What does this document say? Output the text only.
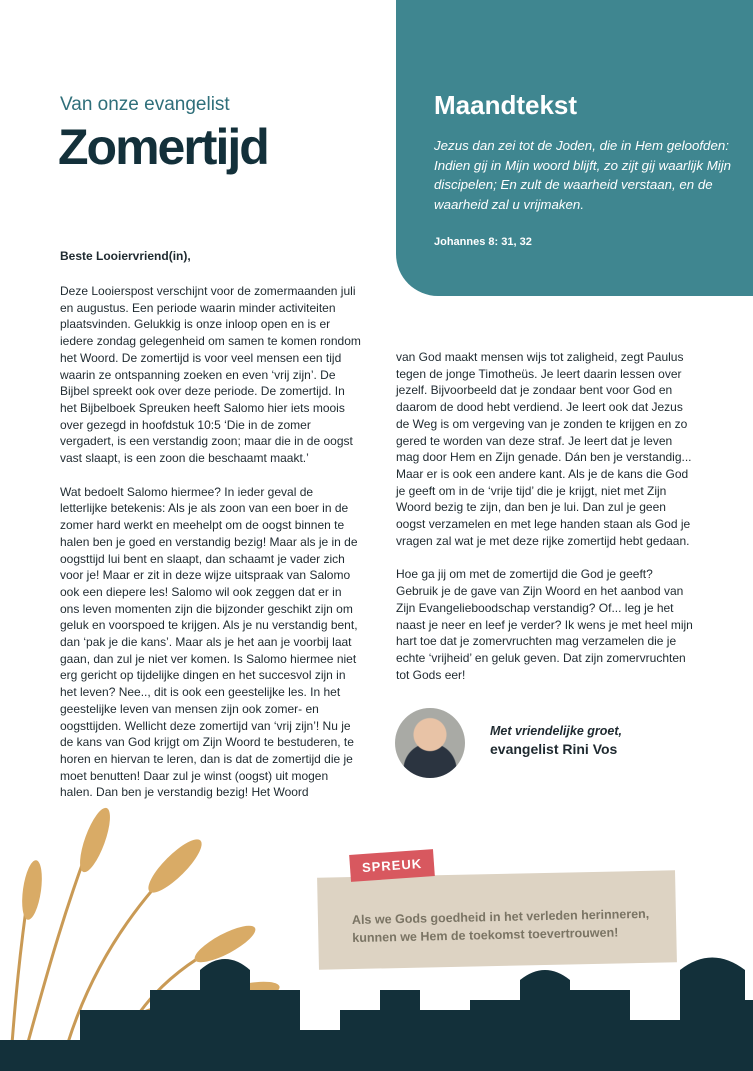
Van onze evangelist
Zomertijd
Maandtekst
Jezus dan zei tot de Joden, die in Hem geloofden: Indien gij in Mijn woord blijft, zo zijt gij waarlijk Mijn discipelen; En zult de waarheid verstaan, en de waarheid zal u vrijmaken.
Johannes 8: 31, 32
Beste Looiervriend(in),

Deze Looierspost verschijnt voor de zomermaanden juli en augustus. Een periode waarin minder activiteiten plaatsvinden. Gelukkig is onze inloop open en is er iedere zondag gelegenheid om samen te komen rondom het Woord. De zomertijd is voor veel mensen een tijd waarin ze ontspanning zoeken en even ‘vrij zijn’. De Bijbel spreekt ook over deze periode. De zomertijd. In het Bijbelboek Spreuken heeft Salomo hier iets moois over gezegd in hoofdstuk 10:5 ‘Die in de zomer vergadert, is een verstandig zoon; maar die in de oogst vast slaapt, is een zoon die beschaamt maakt.’

Wat bedoelt Salomo hiermee? In ieder geval de letterlijke betekenis: Als je als zoon van een boer in de zomer hard werkt en meehelpt om de oogst binnen te halen ben je goed en verstandig bezig! Maar als je in de oogsttijd lui bent en slaapt, dan schaamt je vader zich voor je! Maar er zit in deze wijze uitspraak van Salomo ook een diepere les! Salomo wil ook zeggen dat er in ons leven momenten zijn die bijzonder geschikt zijn om geluk en voorspoed te krijgen. Als je nu verstandig bent, dan ‘pak je die kans’. Maar als je het aan je voorbij laat gaan, dan zul je niet ver komen. Is Salomo hiermee niet erg gericht op tijdelijke dingen en het succesvol zijn in het leven? Nee.., dit is ook een geestelijke les. In het geestelijke leven van mensen zijn ook zomer- en oogsttijden. Wellicht deze zomertijd van ‘vrij zijn’! Nu je de kans van God krijgt om Zijn Woord te bestuderen, te horen en hiervan te leren, dan is dat de zomertijd die je moet benutten! Daar zul je winst (oogst) uit mogen halen. Dan ben je verstandig bezig! Het Woord

van God maakt mensen wijs tot zaligheid, zegt Paulus tegen de jonge Timotheüs. Je leert daarin lessen over jezelf. Bijvoorbeeld dat je zondaar bent voor God en daarom de dood hebt verdiend. Je leert ook dat Jezus de Weg is om vergeving van je zonden te krijgen en zo gered te worden van deze straf. Je leert dat je leven mag door Hem en Zijn genade. Dán ben je verstandig... Maar er is ook een andere kant. Als je de kans die God je geeft om in de ‘vrije tijd’ die je krijgt, niet met Zijn Woord bezig te zijn, dan ben je lui. Dan zul je geen oogst verzamelen en met lege handen staan als God je vragen zal wat je met deze rijke zomertijd hebt gedaan.

Hoe ga jij om met de zomertijd die God je geeft? Gebruik je de gave van Zijn Woord en het aanbod van Zijn Evangelieboodschap verstandig? Of... leg je het naast je neer en leef je verder? Ik wens je met heel mijn hart toe dat je zomervruchten mag verzamelen die je echte ‘vrijheid’ en geluk geven. Dat zijn zomervruchten tot Gods eer!

Met vriendelijke groet,
evangelist Rini Vos
Als we Gods goedheid in het verleden herinneren, kunnen we Hem de toekomst toevertrouwen!
SPREUK
